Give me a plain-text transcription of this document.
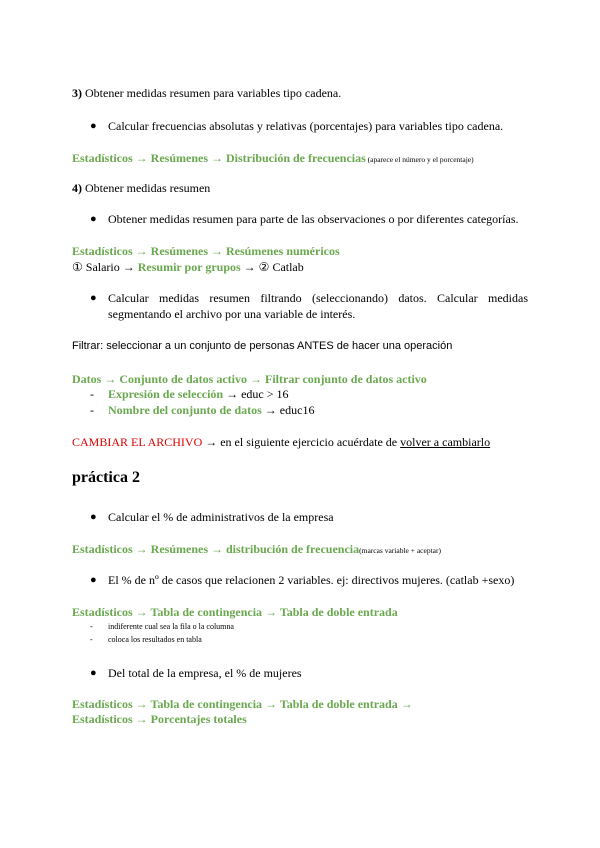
3) Obtener medidas resumen para variables tipo cadena.
● Calcular frecuencias absolutas y relativas (porcentajes) para variables tipo cadena.
Estadísticos → Resúmenes → Distribución de frecuencias (aparece el número y el porcentaje)
4) Obtener medidas resumen
● Obtener medidas resumen para parte de las observaciones o por diferentes categorías.
Estadísticos → Resúmenes → Resúmenes numéricos
① Salario → Resumir por grupos → ② Catlab
● Calcular medidas resumen filtrando (seleccionando) datos. Calcular medidas
segmentando el archivo por una variable de interés.
Filtrar: seleccionar a un conjunto de personas ANTES de hacer una operación
Datos → Conjunto de datos activo → Filtrar conjunto de datos activo
- Expresión de selección → educ > 16
- Nombre del conjunto de datos → educ16
CAMBIAR EL ARCHIVO → en el siguiente ejercicio acuérdate de volver a cambiarlo
práctica 2
● Calcular el % de administrativos de la empresa
Estadísticos → Resúmenes → distribución de frecuencia(marcas variable + aceptar)
● El % de nº de casos que relacionen 2 variables. ej: directivos mujeres. (catlab +sexo)
Estadísticos → Tabla de contingencia → Tabla de doble entrada
- indiferente cual sea la fila o la columna
- coloca los resultados en tabla
● Del total de la empresa, el % de mujeres
Estadísticos → Tabla de contingencia → Tabla de doble entrada →
Estadísticos → Porcentajes totales
